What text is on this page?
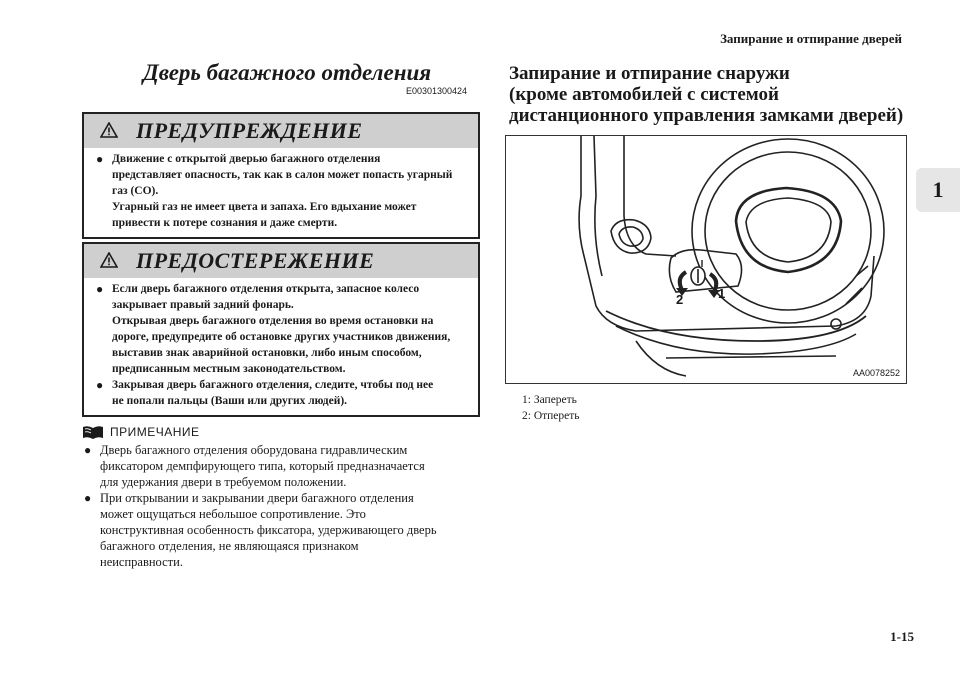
Запирание и отпирание дверей
1
1-15
Дверь багажного отделения
E00301300424
ПРЕДУПРЕЖДЕНИЕ
● Движение с открытой дверью багажного отделения
представляет опасность, так как в салон может попасть угарный
газ (СО).
Угарный газ не имеет цвета и запаха. Его вдыхание может
привести к потере сознания и даже смерти.
ПРЕДОСТЕРЕЖЕНИЕ
● Если дверь багажного отделения открыта, запасное колесо
закрывает правый задний фонарь.
Открывая дверь багажного отделения во время остановки на
дороге, предупредите об остановке других участников движения,
выставив знак аварийной остановки, либо иным способом,
предписанным местным законодательством.
● Закрывая дверь багажного отделения, следите, чтобы под нее
не попали пальцы (Ваши или других людей).
ПРИМЕЧАНИЕ
● Дверь багажного отделения оборудована гидравлическим
фиксатором демпфирующего типа, который предназначается
для удержания двери в требуемом положении.
● При открывании и закрывании двери багажного отделения
может ощущаться небольшое сопротивление. Это
конструктивная особенность фиксатора, удерживающего дверь
багажного отделения, не являющаяся признаком
неисправности.
Запирание и отпирание снаружи
(кроме автомобилей с системой
дистанционного управления замками дверей)
2	1
AA0078252
1: Запереть
2: Отпереть
